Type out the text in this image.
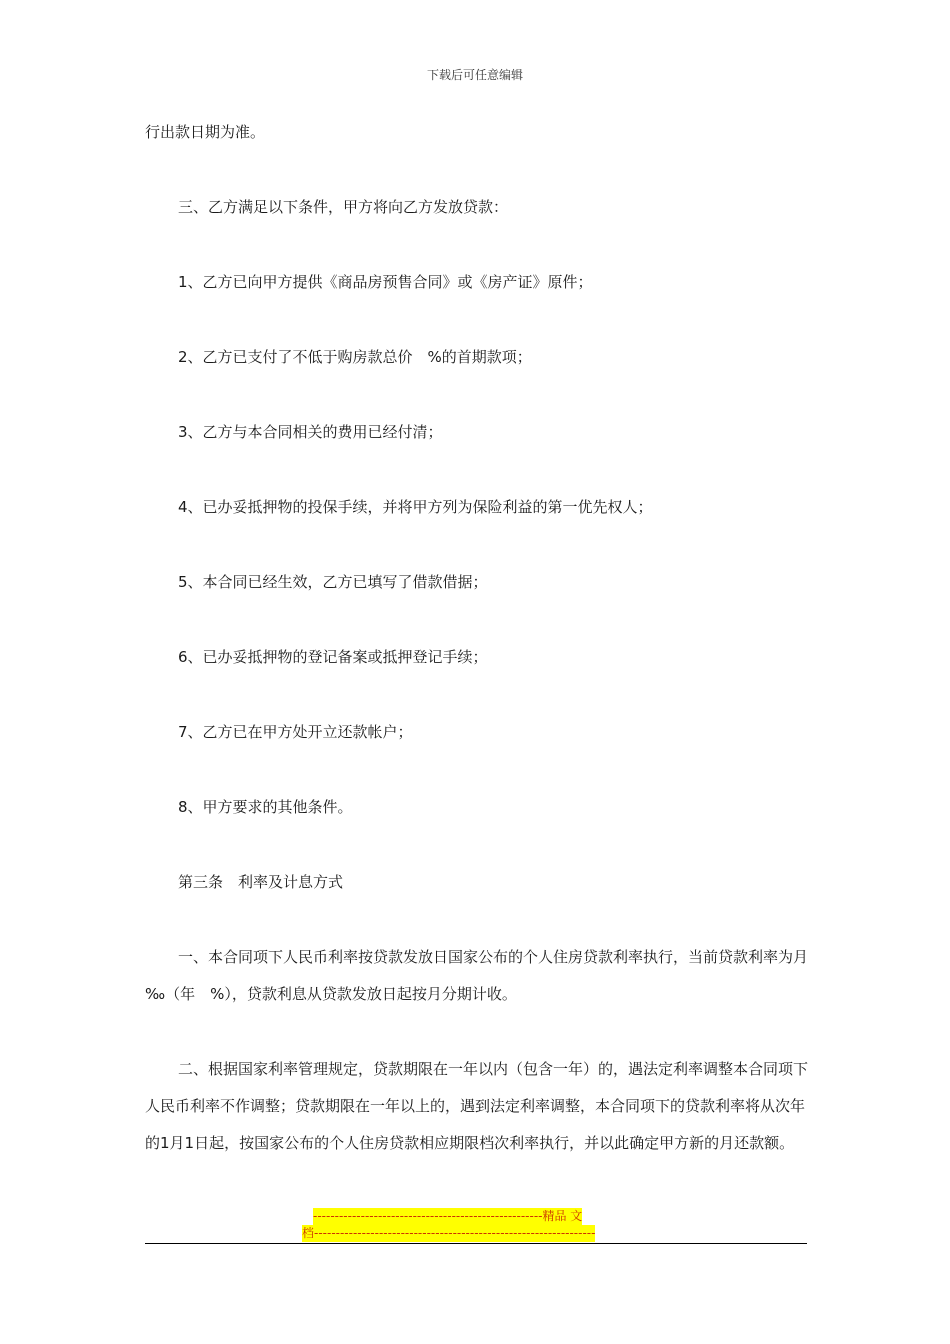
下载后可任意编辑

行出款日期为准。

三、乙方满足以下条件，甲方将向乙方发放贷款：

1、乙方已向甲方提供《商品房预售合同》或《房产证》原件；

2、乙方已支付了不低于购房款总价　%的首期款项；

3、乙方与本合同相关的费用已经付清；

4、已办妥抵押物的投保手续，并将甲方列为保险利益的第一优先权人；

5、本合同已经生效，乙方已填写了借款借据；

6、已办妥抵押物的登记备案或抵押登记手续；

7、乙方已在甲方处开立还款帐户；

8、甲方要求的其他条件。

第三条　利率及计息方式

一、本合同项下人民币利率按贷款发放日国家公布的个人住房贷款利率执行，当前贷款利率为月　‰（年　%），贷款利息从贷款发放日起按月分期计收。

二、根据国家利率管理规定，贷款期限在一年以内（包含一年）的，遇法定利率调整本合同项下人民币利率不作调整；贷款期限在一年以上的，遇到法定利率调整，本合同项下的贷款利率将从次年的1月1日起，按国家公布的个人住房贷款相应期限档次利率执行，并以此确定甲方新的月还款额。

-----------------------------------------------------精品 文
档-----------------------------------------------------------------
